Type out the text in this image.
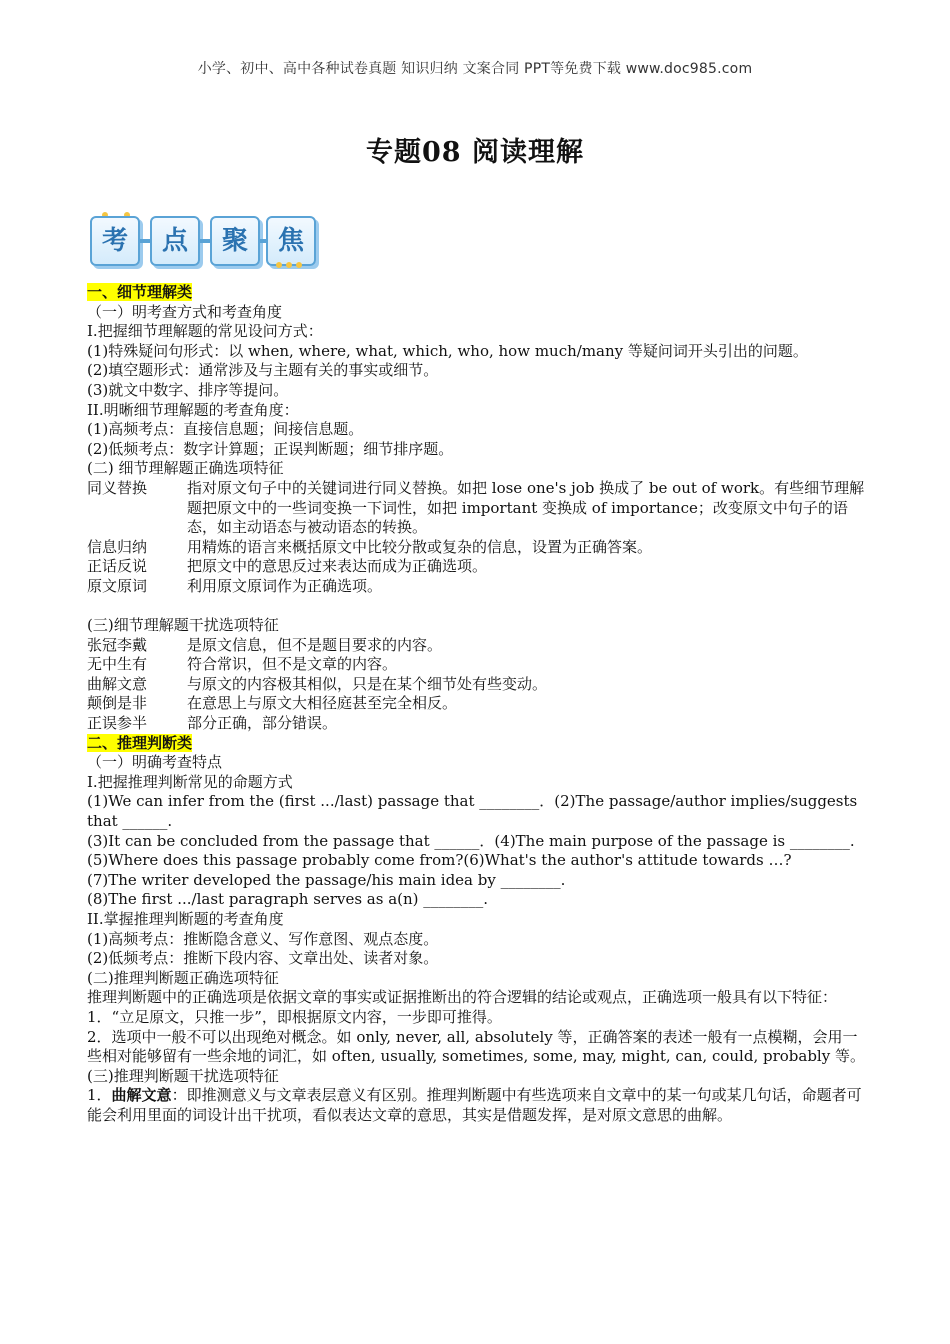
小学、初中、高中各种试卷真题 知识归纳 文案合同 PPT等免费下载 www.doc985.com
专题08 阅读理解
考	点	聚	焦
一、细节理解类
（一）明考查方式和考查角度
I.把握细节理解题的常见设问方式：
(1)特殊疑问句形式：以 when, where, what, which, who, how much/many 等疑问词开头引出的问题。
(2)填空题形式：通常涉及与主题有关的事实或细节。
(3)就文中数字、排序等提问。
II.明晰细节理解题的考查角度：
(1)高频考点：直接信息题；间接信息题。
(2)低频考点：数字计算题；正误判断题；细节排序题。
(二) 细节理解题正确选项特征
同义替换	指对原文句子中的关键词进行同义替换。如把 lose one's job 换成了 be out of work。有些细节理解题把原文中的一些词变换一下词性，如把 important 变换成 of importance；改变原文中句子的语态，如主动语态与被动语态的转换。
信息归纳	用精炼的语言来概括原文中比较分散或复杂的信息，设置为正确答案。
正话反说	把原文中的意思反过来表达而成为正确选项。
原文原词	利用原文原词作为正确选项。
(三)细节理解题干扰选项特征
张冠李戴	是原文信息，但不是题目要求的内容。
无中生有	符合常识，但不是文章的内容。
曲解文意	与原文的内容极其相似，只是在某个细节处有些变动。
颠倒是非	在意思上与原文大相径庭甚至完全相反。
正误参半	部分正确，部分错误。
二、推理判断类
（一）明确考查特点
I.把握推理判断常见的命题方式
(1)We can infer from the (first .../last) passage that ________．(2)The passage/author implies/suggests that ______.
(3)It can be concluded from the passage that ______．(4)The main purpose of the passage is ________.
(5)Where does this passage probably come from?(6)What's the author's attitude towards …?
(7)The writer developed the passage/his main idea by ________.
(8)The first .../last paragraph serves as a(n) ________.
II.掌握推理判断题的考查角度
(1)高频考点：推断隐含意义、写作意图、观点态度。
(2)低频考点：推断下段内容、文章出处、读者对象。
(二)推理判断题正确选项特征
推理判断题中的正确选项是依据文章的事实或证据推断出的符合逻辑的结论或观点，正确选项一般具有以下特征：
1．“立足原文，只推一步”，即根据原文内容，一步即可推得。
2．选项中一般不可以出现绝对概念。如 only, never, all, absolutely 等，正确答案的表述一般有一点模糊，会用一些相对能够留有一些余地的词汇，如 often, usually, sometimes, some, may, might, can, could, probably 等。
(三)推理判断题干扰选项特征
1．曲解文意：即推测意义与文章表层意义有区别。推理判断题中有些选项来自文章中的某一句或某几句话，命题者可能会利用里面的词设计出干扰项，看似表达文章的意思，其实是借题发挥，是对原文意思的曲解。
